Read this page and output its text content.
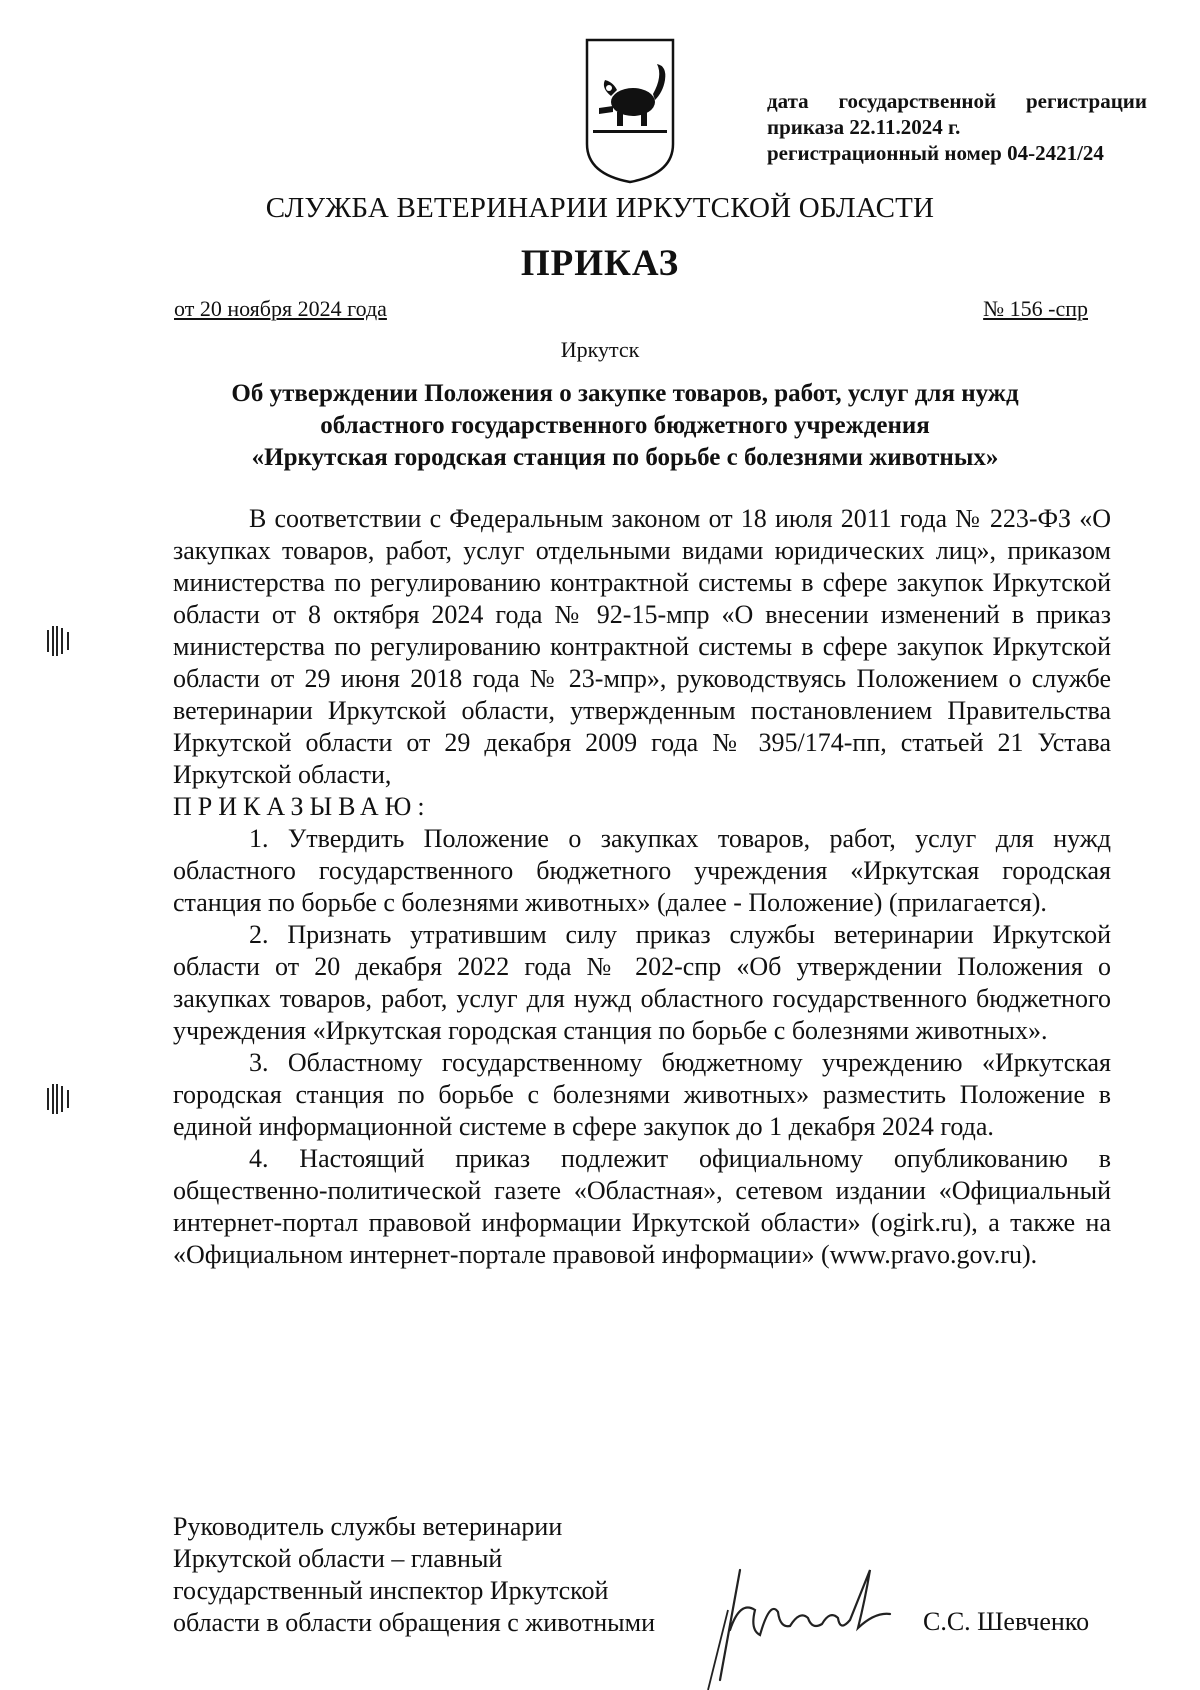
дата государственной регистрации
приказа 22.11.2024 г.
регистрационный номер 04-2421/24
СЛУЖБА ВЕТЕРИНАРИИ ИРКУТСКОЙ ОБЛАСТИ
ПРИКАЗ
от 20 ноября 2024 года	№ 156 -спр
Иркутск
Об утверждении Положения о закупке товаров, работ, услуг для нужд
областного государственного бюджетного учреждения
«Иркутская городская станция по борьбе с болезнями животных»

В соответствии с Федеральным законом от 18 июля 2011 года № 223-ФЗ «О закупках товаров, работ, услуг отдельными видами юридических лиц», приказом министерства по регулированию контрактной системы в сфере закупок Иркутской области от 8 октября 2024 года № 92-15-мпр «О внесении изменений в приказ министерства по регулированию контрактной системы в сфере закупок Иркутской области от 29 июня 2018 года № 23-мпр», руководствуясь Положением о службе ветеринарии Иркутской области, утвержденным постановлением Правительства Иркутской области от 29 декабря 2009 года № 395/174-пп, статьей 21 Устава Иркутской области,

ПРИКАЗЫВАЮ:

1. Утвердить Положение о закупках товаров, работ, услуг для нужд областного государственного бюджетного учреждения «Иркутская городская станция по борьбе с болезнями животных» (далее - Положение) (прилагается).

2. Признать утратившим силу приказ службы ветеринарии Иркутской области от 20 декабря 2022 года № 202-спр «Об утверждении Положения о закупках товаров, работ, услуг для нужд областного государственного бюджетного учреждения «Иркутская городская станция по борьбе с болезнями животных».

3. Областному государственному бюджетному учреждению «Иркутская городская станция по борьбе с болезнями животных» разместить Положение в единой информационной системе в сфере закупок до 1 декабря 2024 года.

4. Настоящий приказ подлежит официальному опубликованию в общественно-политической газете «Областная», сетевом издании «Официальный интернет-портал правовой информации Иркутской области» (ogirk.ru), а также на «Официальном интернет-портале правовой информации» (www.pravo.gov.ru).

Руководитель службы ветеринарии
Иркутской области – главный
государственный инспектор Иркутской
области в области обращения с животными	С.С. Шевченко
